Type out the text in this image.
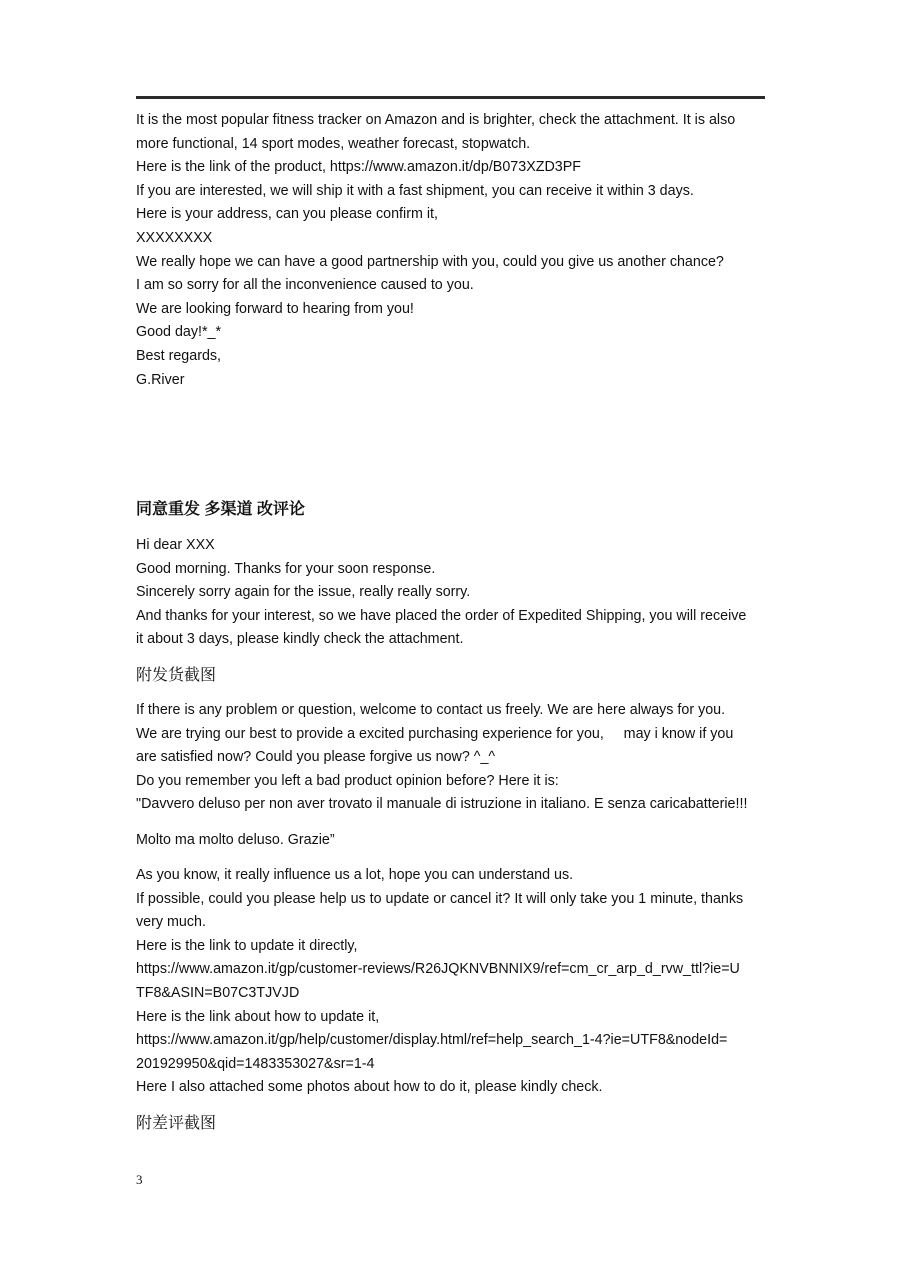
It is the most popular fitness tracker on Amazon and is brighter, check the attachment. It is also
more functional, 14 sport modes, weather forecast, stopwatch.
Here is the link of the product, https://www.amazon.it/dp/B073XZD3PF
If you are interested, we will ship it with a fast shipment, you can receive it within 3 days.
Here is your address, can you please confirm it,
XXXXXXXX
We really hope we can have a good partnership with you, could you give us another chance?
I am so sorry for all the inconvenience caused to you.
We are looking forward to hearing from you!
Good day!*_*
Best regards,
G.River
同意重发 多渠道 改评论
Hi dear XXX
Good morning. Thanks for your soon response.
Sincerely sorry again for the issue, really really sorry.
And thanks for your interest, so we have placed the order of Expedited Shipping, you will receive
it about 3 days, please kindly check the attachment.
附发货截图
If there is any problem or question, welcome to contact us freely. We are here always for you.
We are trying our best to provide a excited purchasing experience for you,     may i know if you
are satisfied now? Could you please forgive us now? ^_^
Do you remember you left a bad product opinion before? Here it is:
"Davvero deluso per non aver trovato il manuale di istruzione in italiano. E senza caricabatterie!!!
Molto ma molto deluso. Grazie”
As you know, it really influence us a lot, hope you can understand us.
If possible, could you please help us to update or cancel it? It will only take you 1 minute, thanks
very much.
Here is the link to update it directly,
https://www.amazon.it/gp/customer-reviews/R26JQKNVBNNIX9/ref=cm_cr_arp_d_rvw_ttl?ie=U
TF8&ASIN=B07C3TJVJD
Here is the link about how to update it,
https://www.amazon.it/gp/help/customer/display.html/ref=help_search_1-4?ie=UTF8&nodeId=
201929950&qid=1483353027&sr=1-4
Here I also attached some photos about how to do it, please kindly check.
附差评截图
3
